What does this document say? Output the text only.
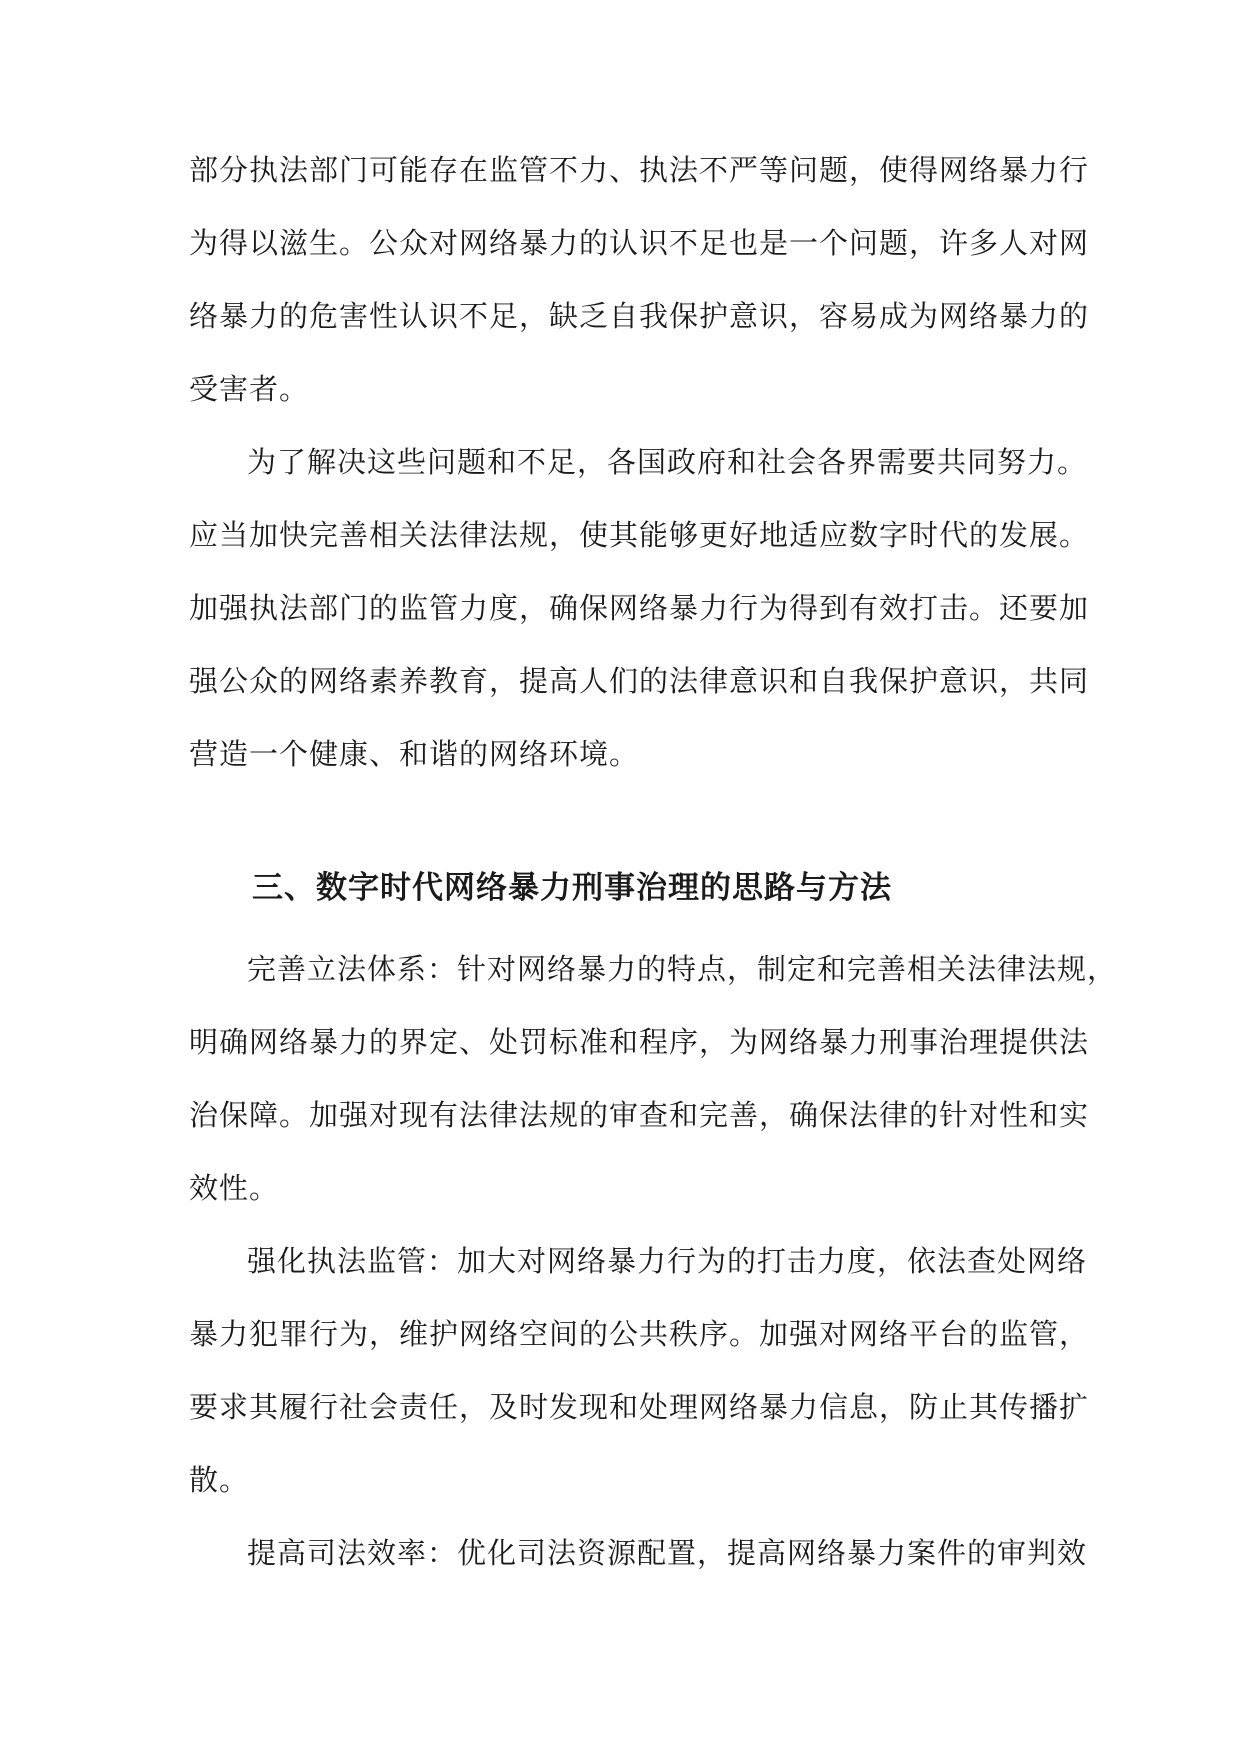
部分执法部门可能存在监管不力、执法不严等问题，使得网络暴力行
为得以滋生。公众对网络暴力的认识不足也是一个问题，许多人对网
络暴力的危害性认识不足，缺乏自我保护意识，容易成为网络暴力的
受害者。
为了解决这些问题和不足，各国政府和社会各界需要共同努力。
应当加快完善相关法律法规，使其能够更好地适应数字时代的发展。
加强执法部门的监管力度，确保网络暴力行为得到有效打击。还要加
强公众的网络素养教育，提高人们的法律意识和自我保护意识，共同
营造一个健康、和谐的网络环境。
三、数字时代网络暴力刑事治理的思路与方法
完善立法体系：针对网络暴力的特点，制定和完善相关法律法规，
明确网络暴力的界定、处罚标准和程序，为网络暴力刑事治理提供法
治保障。加强对现有法律法规的审查和完善，确保法律的针对性和实
效性。
强化执法监管：加大对网络暴力行为的打击力度，依法查处网络
暴力犯罪行为，维护网络空间的公共秩序。加强对网络平台的监管，
要求其履行社会责任，及时发现和处理网络暴力信息，防止其传播扩
散。
提高司法效率：优化司法资源配置，提高网络暴力案件的审判效
